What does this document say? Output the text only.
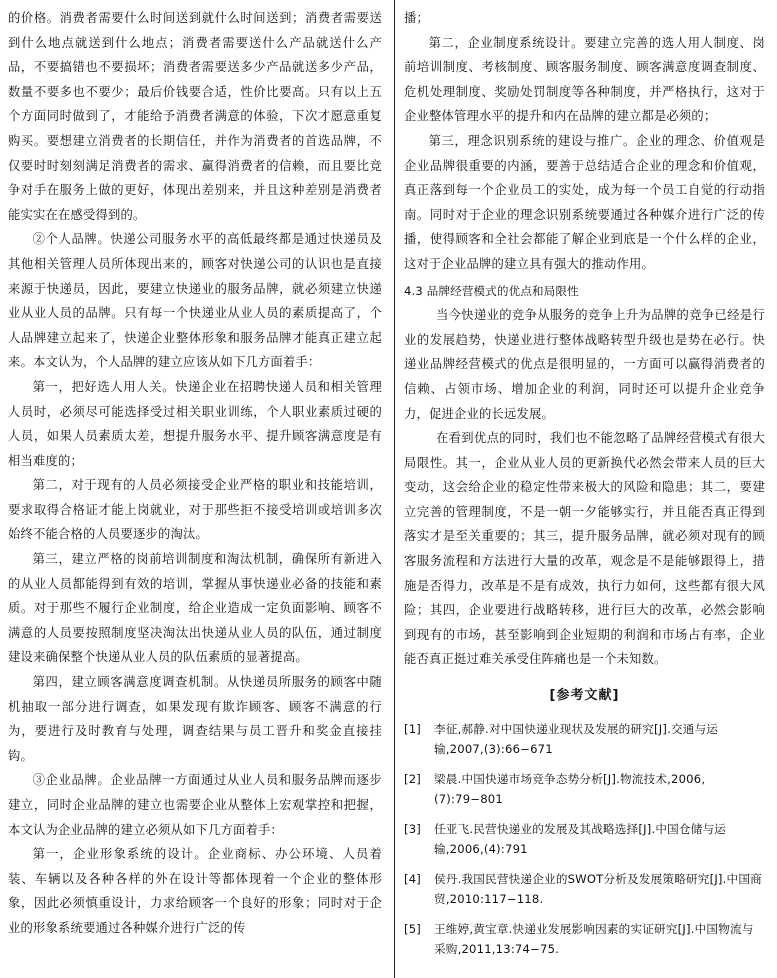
的价格。消费者需要什么时间送到就什么时间送到；消费者需要送到什么地点就送到什么地点；消费者需要送什么产品就送什么产品，不要搞错也不要损坏；消费者需要送多少产品就送多少产品，数量不要多也不要少；最后价钱要合适，性价比要高。只有以上五个方面同时做到了，才能给予消费者满意的体验，下次才愿意重复购买。要想建立消费者的长期信任，并作为消费者的首选品牌，不仅要时时刻刻满足消费者的需求、赢得消费者的信赖，而且要比竞争对手在服务上做的更好，体现出差别来，并且这种差别是消费者能实实在在感受得到的。

②个人品牌。快递公司服务水平的高低最终都是通过快递员及其他相关管理人员所体现出来的，顾客对快递公司的认识也是直接来源于快递员，因此，要建立快递业的服务品牌，就必须建立快递业从业人员的品牌。只有每一个快递业从业人员的素质提高了，个人品牌建立起来了，快递企业整体形象和服务品牌才能真正建立起来。本文认为，个人品牌的建立应该从如下几方面着手：

第一，把好选人用人关。快递企业在招聘快递人员和相关管理人员时，必须尽可能选择受过相关职业训练，个人职业素质过硬的人员，如果人员素质太差，想提升服务水平、提升顾客满意度是有相当难度的；

第二，对于现有的人员必须接受企业严格的职业和技能培训，要求取得合格证才能上岗就业，对于那些拒不接受培训或培训多次始终不能合格的人员要逐步的淘汰。

第三，建立严格的岗前培训制度和淘汰机制，确保所有新进入的从业人员都能得到有效的培训，掌握从事快递业必备的技能和素质。对于那些不履行企业制度，给企业造成一定负面影响、顾客不满意的人员要按照制度坚决淘汰出快递从业人员的队伍，通过制度建设来确保整个快递从业人员的队伍素质的显著提高。

第四，建立顾客满意度调查机制。从快递员所服务的顾客中随机抽取一部分进行调查，如果发现有欺诈顾客、顾客不满意的行为，要进行及时教育与处理，调查结果与员工晋升和奖金直接挂钩。

③企业品牌。企业品牌一方面通过从业人员和服务品牌而逐步建立，同时企业品牌的建立也需要企业从整体上宏观掌控和把握，本文认为企业品牌的建立必须从如下几方面着手：

第一，企业形象系统的设计。企业商标、办公环境、人员着装、车辆以及各种各样的外在设计等都体现着一个企业的整体形象，因此必须慎重设计，力求给顾客一个良好的形象；同时对于企业的形象系统要通过各种媒介进行广泛的传

播；

第二，企业制度系统设计。要建立完善的选人用人制度、岗前培训制度、考核制度、顾客服务制度、顾客满意度调查制度、危机处理制度、奖励处罚制度等各种制度，并严格执行，这对于企业整体管理水平的提升和内在品牌的建立都是必须的；

第三，理念识别系统的建设与推广。企业的理念、价值观是企业品牌很重要的内涵，要善于总结适合企业的理念和价值观，真正落到每一个企业员工的实处，成为每一个员工自觉的行动指南。同时对于企业的理念识别系统要通过各种媒介进行广泛的传播，使得顾客和全社会都能了解企业到底是一个什么样的企业，这对于企业品牌的建立具有强大的推动作用。

4.3 品牌经营模式的优点和局限性

当今快递业的竞争从服务的竞争上升为品牌的竞争已经是行业的发展趋势，快递业进行整体战略转型升级也是势在必行。快递业品牌经营模式的优点是很明显的，一方面可以赢得消费者的信赖、占领市场、增加企业的利润，同时还可以提升企业竞争力，促进企业的长远发展。

在看到优点的同时，我们也不能忽略了品牌经营模式有很大局限性。其一，企业从业人员的更新换代必然会带来人员的巨大变动，这会给企业的稳定性带来极大的风险和隐患；其二，要建立完善的管理制度，不是一朝一夕能够实行，并且能否真正得到落实才是至关重要的；其三，提升服务品牌，就必须对现有的顾客服务流程和方法进行大量的改革，观念是不是能够跟得上，措施是否得力，改革是不是有成效，执行力如何，这些都有很大风险；其四，企业要进行战略转移，进行巨大的改革，必然会影响到现有的市场，甚至影响到企业短期的利润和市场占有率，企业能否真正挺过难关承受住阵痛也是一个未知数。

[参考文献]
[1] 李征,郝静.对中国快递业现状及发展的研究[J].交通与运输,2007,(3):66−671
[2] 梁晨.中国快递市场竞争态势分析[J].物流技术,2006,(7):79−801
[3] 任亚飞.民营快递业的发展及其战略选择[J].中国仓储与运输,2006,(4):791
[4] 侯丹.我国民营快递企业的SWOT分析及发展策略研究[J].中国商贸,2010:117−118.
[5] 王维婷,黄宝章.快递业发展影响因素的实证研究[J].中国物流与采购,2011,13:74−75.
